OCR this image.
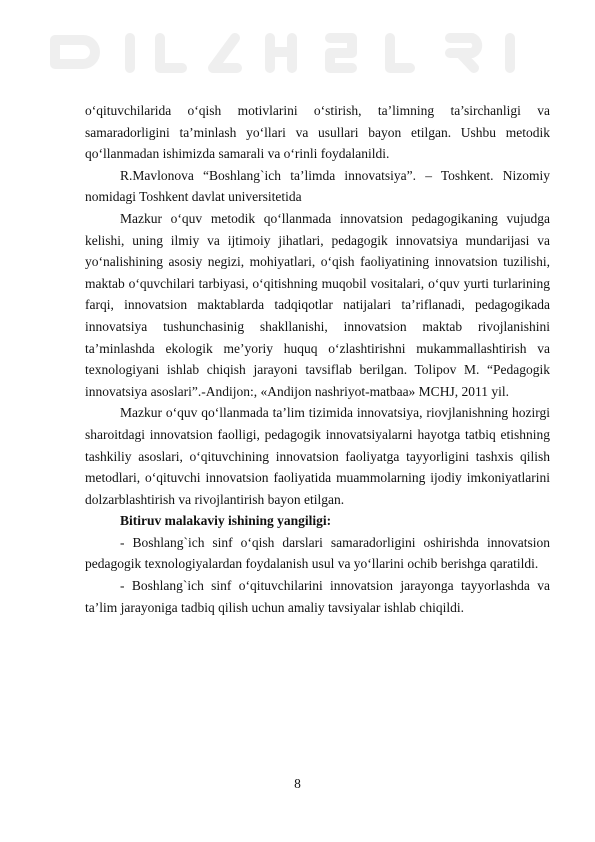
o‘qituvchilarida o‘qish motivlarini o‘stirish, ta’limning ta’sirchanligi va samaradorligini ta’minlash yo‘llari va usullari bayon etilgan. Ushbu metodik qo‘llanmadan ishimizda samarali va o‘rinli foydalanildi.

R.Mavlonova “Boshlang`ich ta’limda innovatsiya”. – Toshkent. Nizomiy nomidagi Toshkent davlat universitetida

Mazkur o‘quv metodik qo‘llanmada innovatsion pedagogikaning vujudga kelishi, uning ilmiy va ijtimoiy jihatlari, pedagogik innovatsiya mundarijasi va yo‘nalishining asosiy negizi, mohiyatlari, o‘qish faoliyatining innovatsion tuzilishi, maktab o‘quvchilari tarbiyasi, o‘qitishning muqobil vositalari, o‘quv yurti turlarining farqi, innovatsion maktablarda tadqiqotlar natijalari ta’riflanadi, pedagogikada innovatsiya tushunchasinig shakllanishi, innovatsion maktab rivojlanishini ta’minlashda ekologik me’yoriy huquq o‘zlashtirishni mukammallashtirish va texnologiyani ishlab chiqish jarayoni tavsiflab berilgan. Tolipov M. “Pedagogik innovatsiya asoslari”.-Andijon:, «Andijon nashriyot-matbaa» MCHJ, 2011 yil.

Mazkur o‘quv qo‘llanmada ta’lim tizimida innovatsiya, riovjlanishning hozirgi sharoitdagi innovatsion faolligi, pedagogik innovatsiyalarni hayotga tatbiq etishning tashkiliy asoslari, o‘qituvchining innovatsion faoliyatga tayyorligini tashxis qilish metodlari, o‘qituvchi innovatsion faoliyatida muammolarning ijodiy imkoniyatlarini dolzarblashtirish va rivojlantirish bayon etilgan.

Bitiruv malakaviy ishining yangiligi:

- Boshlang`ich sinf o‘qish darslari samaradorligini oshirishda innovatsion pedagogik texnologiyalardan foydalanish usul va yo‘llarini ochib berishga qaratildi.

- Boshlang`ich sinf o‘qituvchilarini innovatsion jarayonga tayyorlashda va ta’lim jarayoniga tadbiq qilish uchun amaliy tavsiyalar ishlab chiqildi.

8
